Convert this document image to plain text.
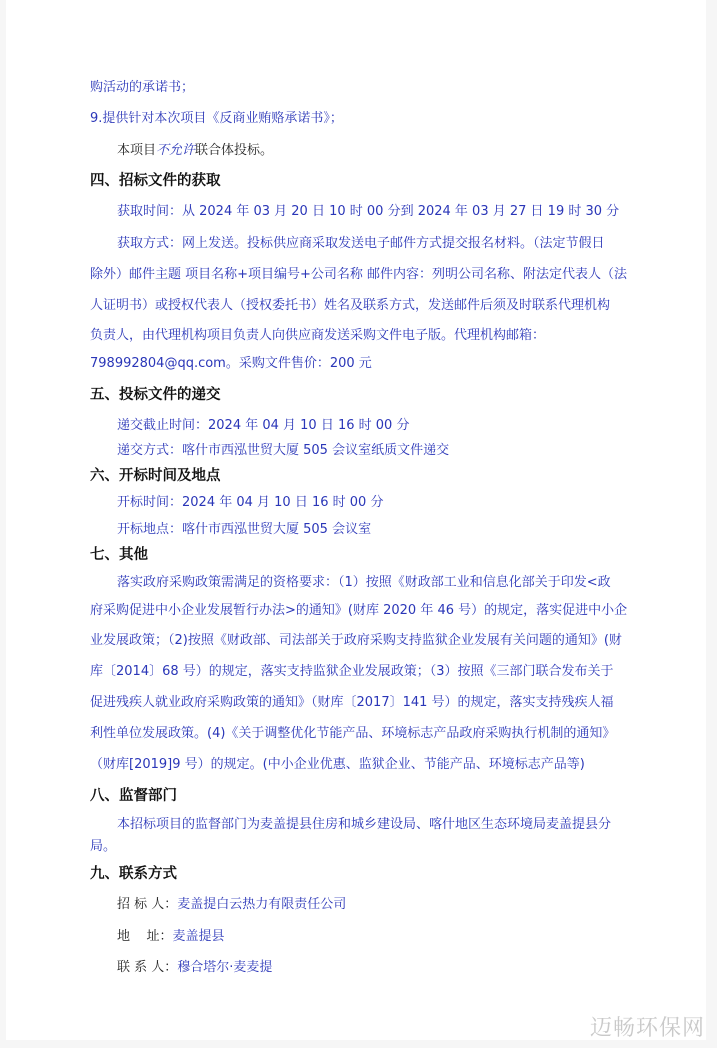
购活动的承诺书；
9.提供针对本次项目《反商业贿赂承诺书》；
本项目不允许联合体投标。
四、招标文件的获取
获取时间：从 2024 年 03 月 20 日 10 时 00 分到 2024 年 03 月 27 日 19 时 30 分
获取方式：网上发送。投标供应商采取发送电子邮件方式提交报名材料。（法定节假日
除外）邮件主题 项目名称+项目编号+公司名称 邮件内容：列明公司名称、附法定代表人（法
人证明书）或授权代表人（授权委托书）姓名及联系方式，发送邮件后须及时联系代理机构
负责人，由代理机构项目负责人向供应商发送采购文件电子版。代理机构邮箱：
798992804@qq.com。采购文件售价：200 元
五、投标文件的递交
递交截止时间：2024 年 04 月 10 日 16 时 00 分
递交方式：喀什市西泓世贸大厦 505 会议室纸质文件递交
六、开标时间及地点
开标时间：2024 年 04 月 10 日 16 时 00 分
开标地点：喀什市西泓世贸大厦 505 会议室
七、其他
落实政府采购政策需满足的资格要求：（1）按照《财政部工业和信息化部关于印发<政
府采购促进中小企业发展暂行办法>的通知》(财库 2020 年 46 号）的规定，落实促进中小企
业发展政策；（2)按照《财政部、司法部关于政府采购支持监狱企业发展有关问题的通知》(财
库〔2014〕68 号）的规定，落实支持监狱企业发展政策；（3）按照《三部门联合发布关于
促进残疾人就业政府采购政策的通知》（财库〔2017〕141 号）的规定，落实支持残疾人福
利性单位发展政策。(4)《关于调整优化节能产品、环境标志产品政府采购执行机制的通知》
（财库[2019]9 号）的规定。(中小企业优惠、监狱企业、节能产品、环境标志产品等)
八、监督部门
本招标项目的监督部门为麦盖提县住房和城乡建设局、喀什地区生态环境局麦盖提县分
局。
九、联系方式
招 标 人：麦盖提白云热力有限责任公司
地    址：麦盖提县
联 系 人：穆合塔尔·麦麦提
迈畅环保网
